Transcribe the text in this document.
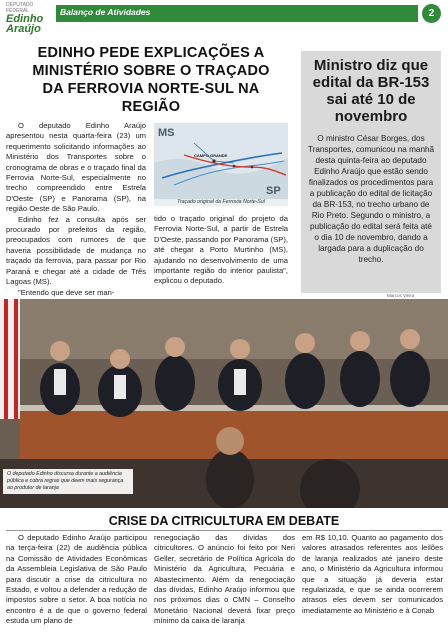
DEPUTADO FEDERAL
Edinho
Araújo
Balanço de Atividades	2
EDINHO PEDE EXPLICAÇÕES A MINISTÉRIO SOBRE O TRAÇADO DA FERROVIA NORTE-SUL NA REGIÃO

O deputado Edinho Araújo apresentou nesta quarta-feira (23) um requerimento solicitando informações ao Ministério dos Transportes sobre o cronograma de obras e o traçado final da Ferrovia Norte-Sul, especialmente no trecho compreendido entre Estrela D'Oeste (SP) e Panorama (SP), na região Oeste de São Paulo.

Edinho fez a consulta após ser procurado por prefeitos da região, preocupados com rumores de que haveria possibilidade de mudança no traçado da ferrovia, para passar por Rio Paraná e chegar até a cidade de Três Lagoas (MS).

"Entendo que deve ser man-

MS
SP
CAMPO GRANDE
Traçado original da Ferrovia Norte-Sul

tido o traçado original do projeto da Ferrovia Norte-Sul, a partir de Estrela D'Oeste, passando por Panorama (SP), até chegar a Porto Murtinho (MS), ajudando no desenvolvimento de uma importante região do interior paulista", explicou o deputado.

Ministro diz que edital da BR-153 sai até 10 de novembro

O ministro César Borges, dos Transportes, comunicou na manhã desta quinta-feira ao deputado Edinho Araújo que estão sendo finalizados os procedimentos para a publicação do edital de licitação da BR-153, no trecho urbano de Rio Preto. Segundo o ministro, a publicação do edital será feita até o dia 10 de novembro, dando a largada para a duplicação do trecho.

Marcos Vieira
O deputado Edinho discursa durante a audiência pública e cobra regras que deem mais segurança ao produtor de laranja
CRISE DA CITRICULTURA EM DEBATE

O deputado Edinho Araújo participou na terça-feira (22) de audiência pública na Comissão de Atividades Econômicas da Assembleia Legislativa de São Paulo para discutir a crise da citricultura no Estado, e voltou a defender a redução de impostos sobre o setor. A boa notícia no encontro é a de que o governo federal estuda um plano de

renegociação das dívidas dos citricultores. O anúncio foi feito por Neri Geller, secretário de Política Agrícola do Ministério da Agricultura, Pecuária e Abastecimento. Além da renegociação das dívidas, Edinho Araújo informou que nos próximos dias o CMN – Conselho Monetário Nacional deverá fixar preço mínimo da caixa de laranja

em R$ 10,10. Quanto ao pagamento dos valores atrasados referentes aos leilões de laranja realizados até janeiro deste ano, o Ministério da Agricultura informou que a situação já deveria estar regularizada, e que se ainda ocorrerem atrasos eles devem ser comunicados imediatamente ao Ministério e à Conab
